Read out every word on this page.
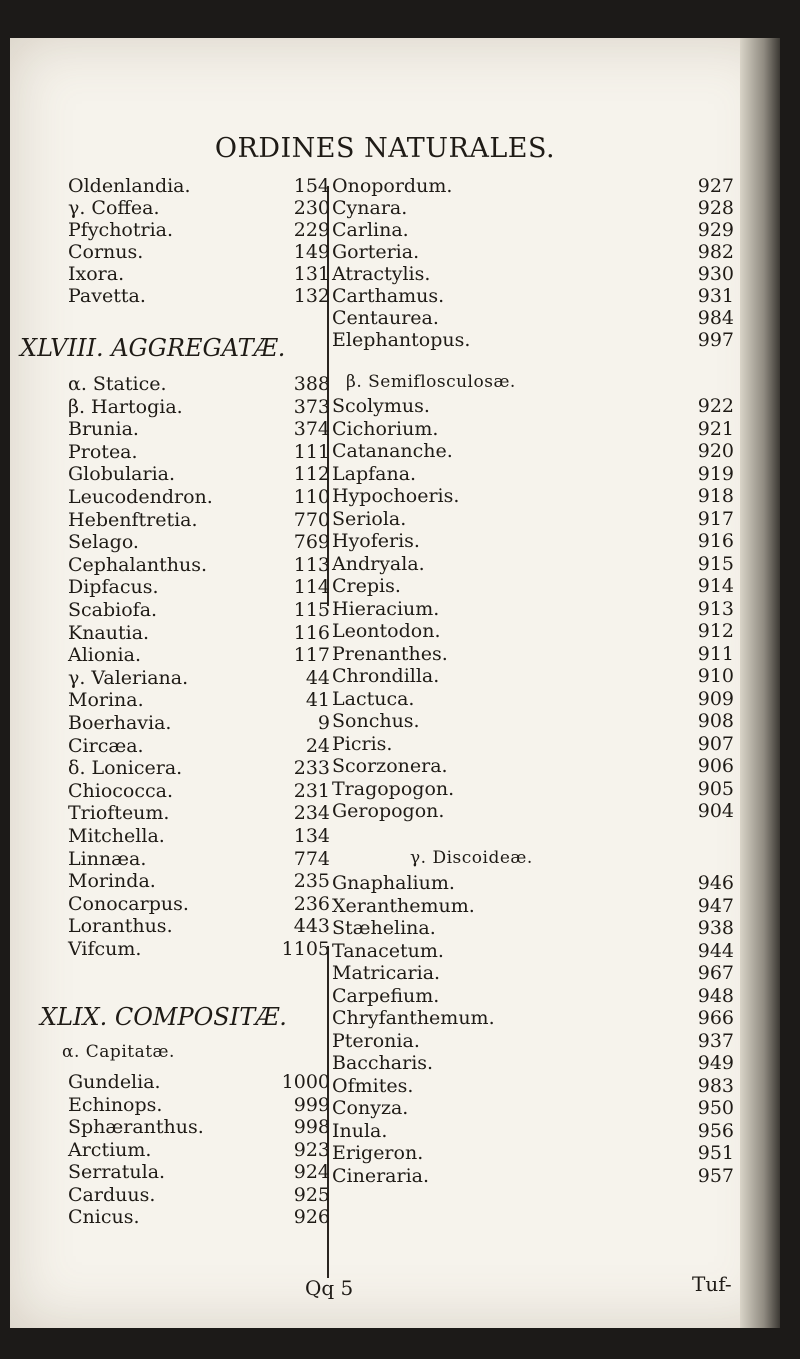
ORDINES NATURALES.
Oldenlandia.	154
γ. Coffea.	230
Pfychotria.	229
Cornus.	149
Ixora.	131
Pavetta.	132
XLVIII. AGGREGATÆ.
α. Statice.	388
β. Hartogia.	373
Brunia.	374
Protea.	111
Globularia.	112
Leucodendron.	110
Hebenftretia.	770
Selago.	769
Cephalanthus.	113
Dipfacus.	114
Scabiofa.	115
Knautia.	116
Alionia.	117
γ. Valeriana.	44
Morina.	41
Boerhavia.	9
Circæa.	24
δ. Lonicera.	233
Chiococca.	231
Triofteum.	234
Mitchella.	134
Linnæa.	774
Morinda.	235
Conocarpus.	236
Loranthus.	443
Vifcum.	1105
XLIX. COMPOSITÆ.
α. Capitatæ.
Gundelia.	1000
Echinops.	999
Sphæranthus.	998
Arctium.	923
Serratula.	924
Carduus.	925
Cnicus.	926
Onopordum.	927
Cynara.	928
Carlina.	929
Gorteria.	982
Atractylis.	930
Carthamus.	931
Centaurea.	984
Elephantopus.	997
β. Semiflosculosæ.
Scolymus.	922
Cichorium.	921
Catananche.	920
Lapfana.	919
Hypochoeris.	918
Seriola.	917
Hyoferis.	916
Andryala.	915
Crepis.	914
Hieracium.	913
Leontodon.	912
Prenanthes.	911
Chrondilla.	910
Lactuca.	909
Sonchus.	908
Picris.	907
Scorzonera.	906
Tragopogon.	905
Geropogon.	904
γ. Discoideæ.
Gnaphalium.	946
Xeranthemum.	947
Stæhelina.	938
Tanacetum.	944
Matricaria.	967
Carpefium.	948
Chryfanthemum.	966
Pteronia.	937
Baccharis.	949
Ofmites.	983
Conyza.	950
Inula.	956
Erigeron.	951
Cineraria.	957
Qq 5	Tuf-
